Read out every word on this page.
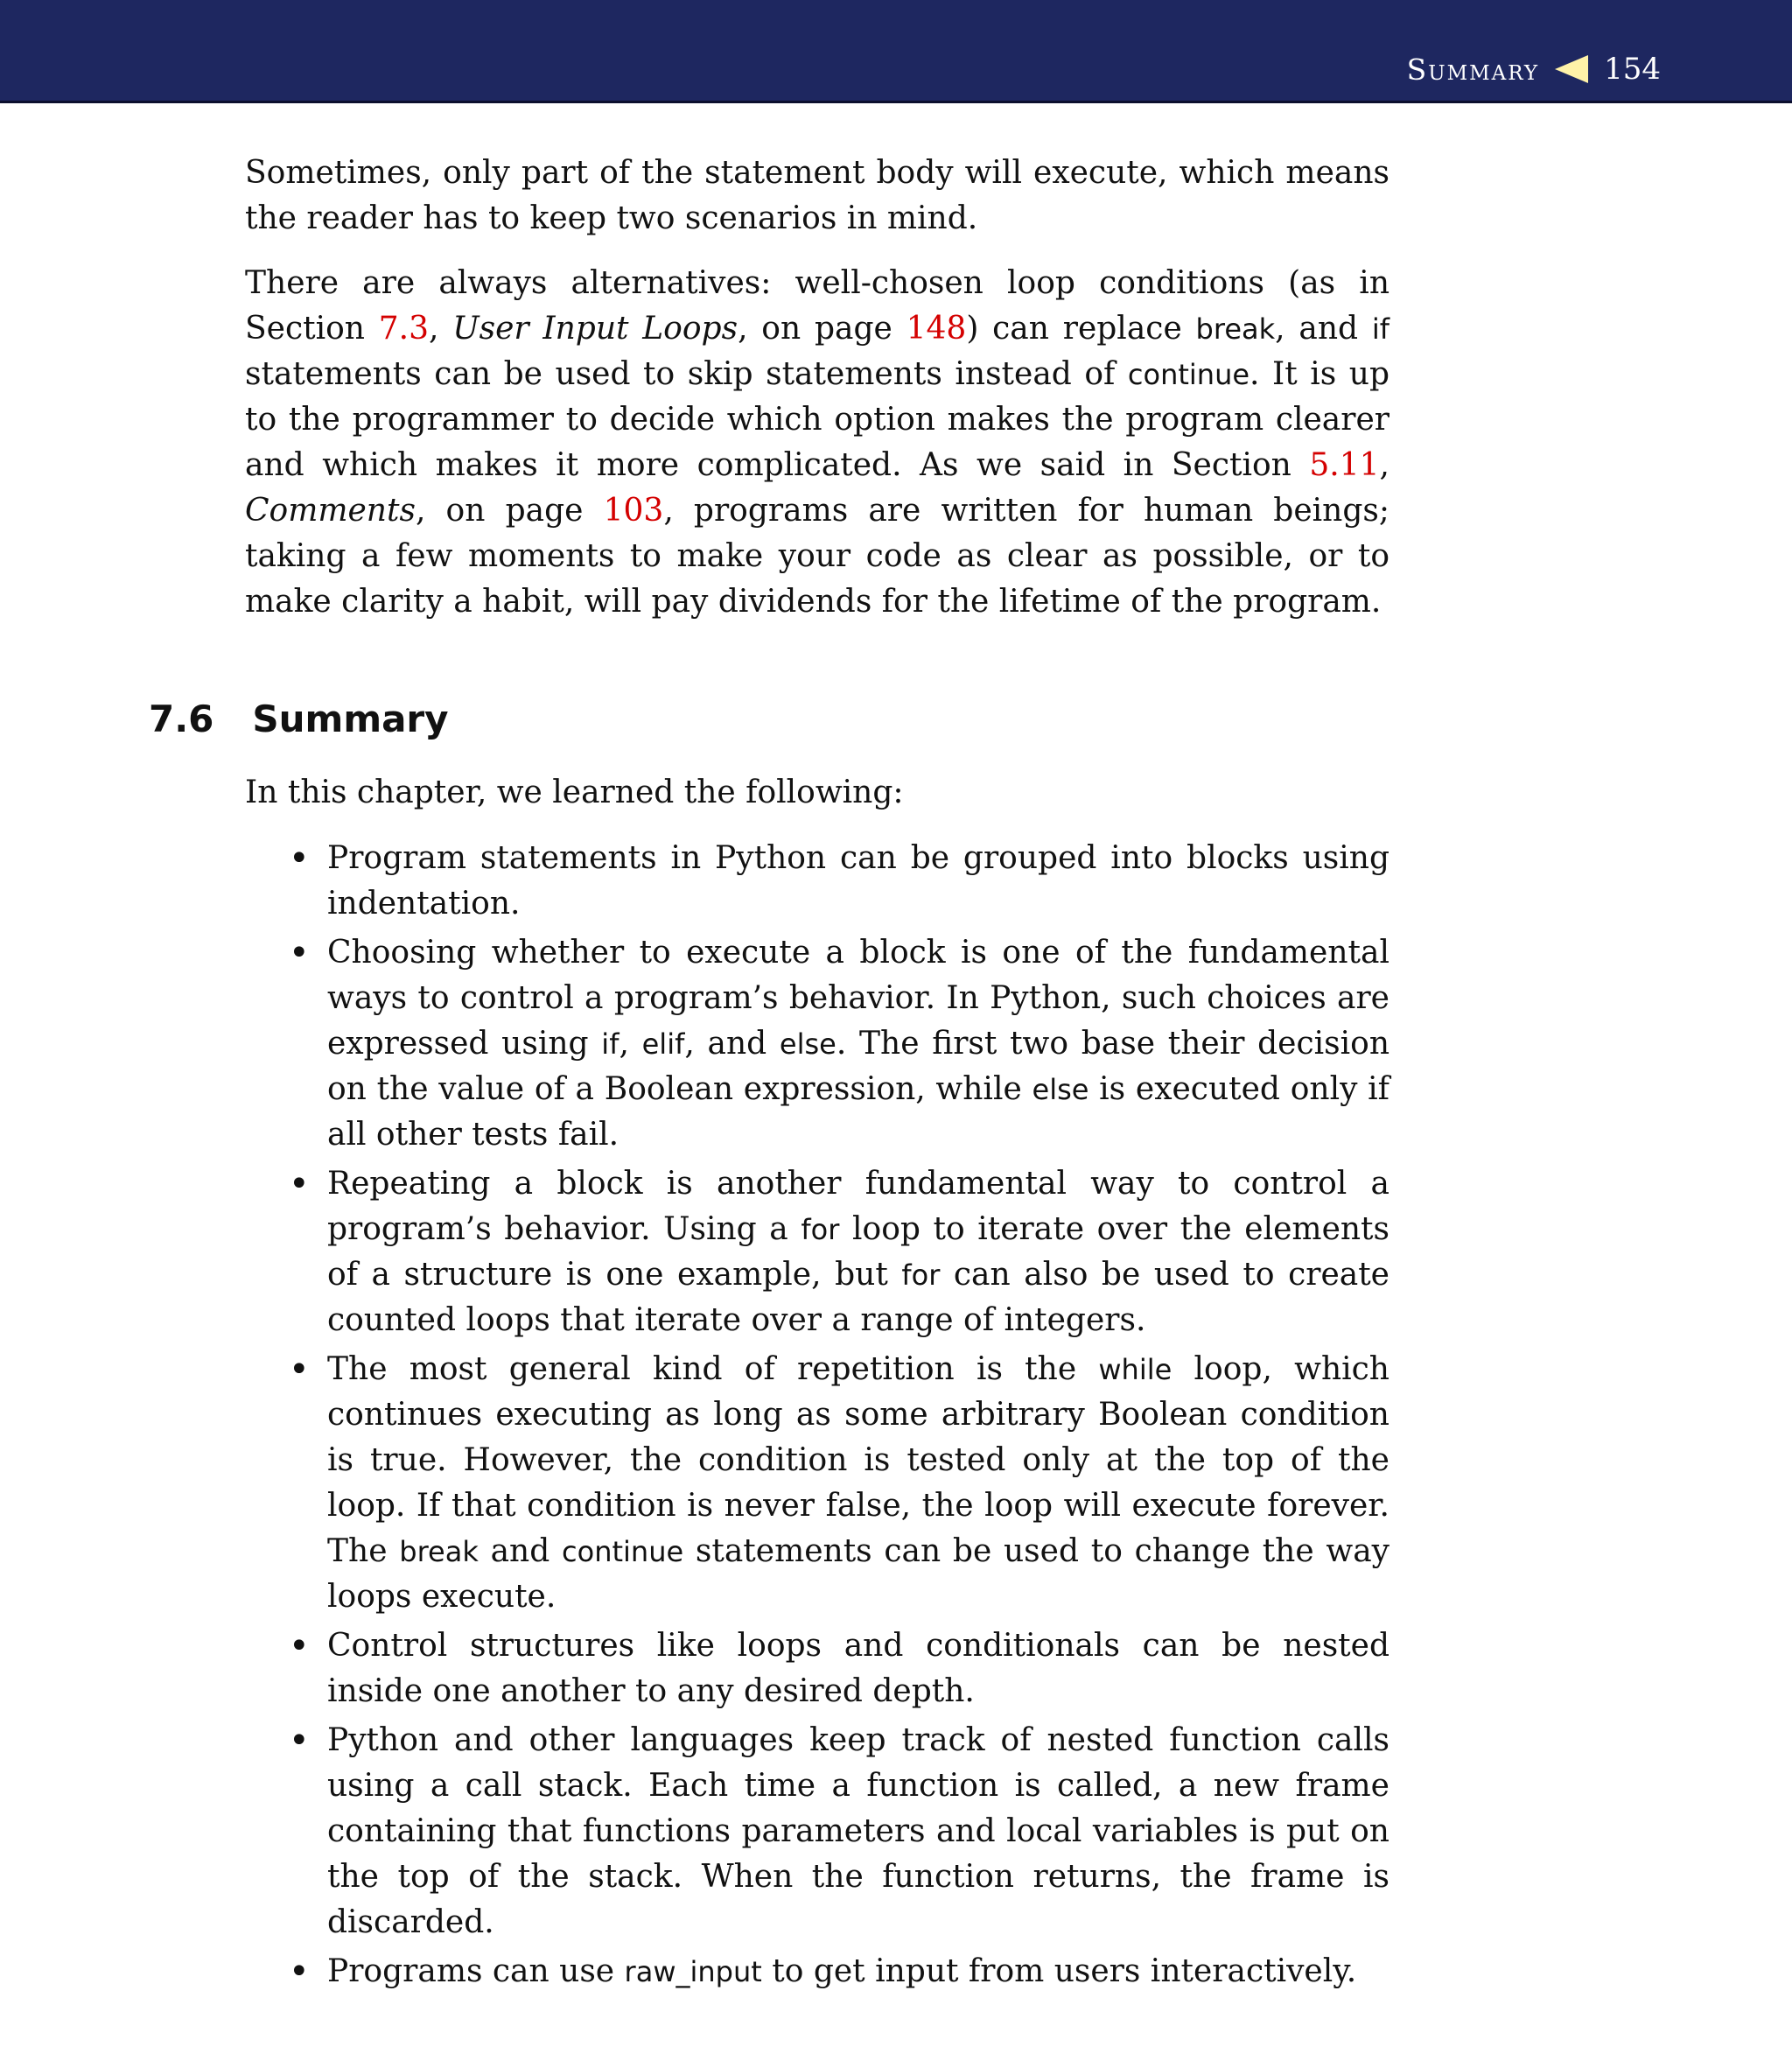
Summary 154

Sometimes, only part of the statement body will execute, which means the reader has to keep two scenarios in mind.

There are always alternatives: well-chosen loop conditions (as in Section 7.3, User Input Loops, on page 148) can replace break, and if statements can be used to skip statements instead of continue. It is up to the programmer to decide which option makes the program clearer and which makes it more complicated. As we said in Section 5.11, Comments, on page 103, programs are written for human beings; taking a few moments to make your code as clear as possible, or to make clarity a habit, will pay dividends for the lifetime of the program.

7.6 Summary

In this chapter, we learned the following:

• Program statements in Python can be grouped into blocks using indentation.
• Choosing whether to execute a block is one of the fundamental ways to control a program’s behavior. In Python, such choices are expressed using if, elif, and else. The first two base their decision on the value of a Boolean expression, while else is executed only if all other tests fail.
• Repeating a block is another fundamental way to control a program’s behavior. Using a for loop to iterate over the elements of a structure is one example, but for can also be used to create counted loops that iterate over a range of integers.
• The most general kind of repetition is the while loop, which continues executing as long as some arbitrary Boolean condition is true. However, the condition is tested only at the top of the loop. If that condition is never false, the loop will execute forever. The break and continue statements can be used to change the way loops execute.
• Control structures like loops and conditionals can be nested inside one another to any desired depth.
• Python and other languages keep track of nested function calls using a call stack. Each time a function is called, a new frame containing that functions parameters and local variables is put on the top of the stack. When the function returns, the frame is discarded.
• Programs can use raw_input to get input from users interactively.
